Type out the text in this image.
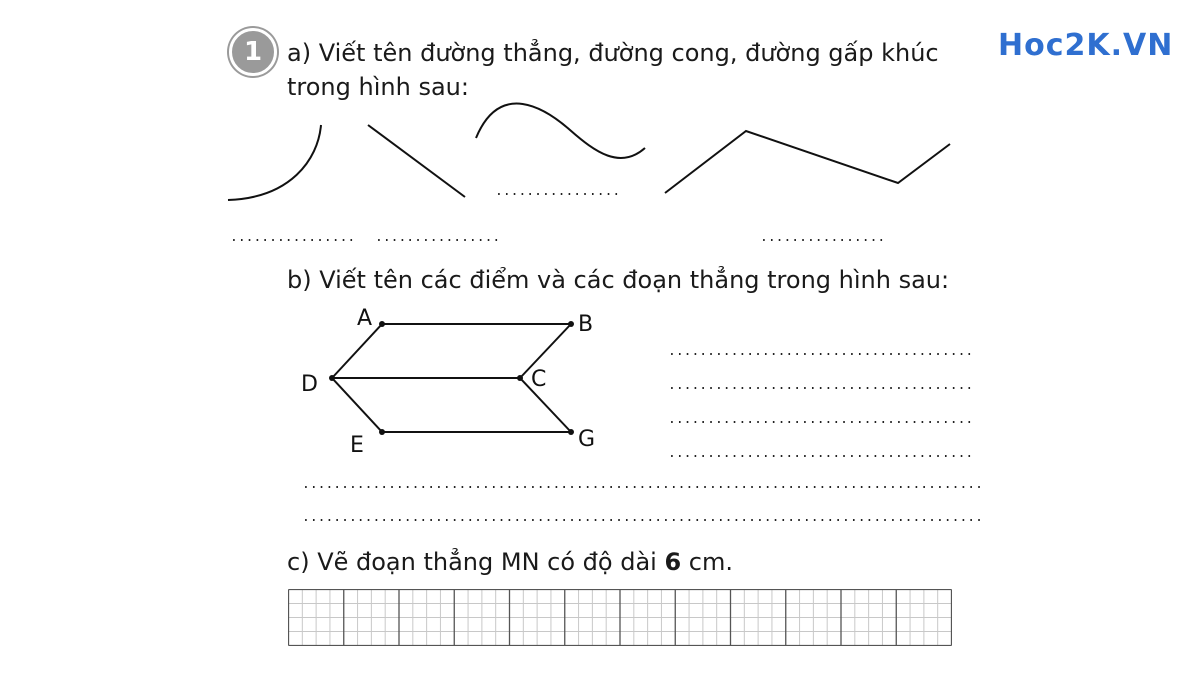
1	Hoc2K.VN
a) Viết tên đường thẳng, đường cong, đường gấp khúc
trong hình sau:
................
................ ................	................
b) Viết tên các điểm và các đoạn thẳng trong hình sau:
A	B
C
D
E	G
.......................................
.......................................
.......................................
.......................................
.......................................................................................
.......................................................................................
c) Vẽ đoạn thẳng MN có độ dài 6 cm.
